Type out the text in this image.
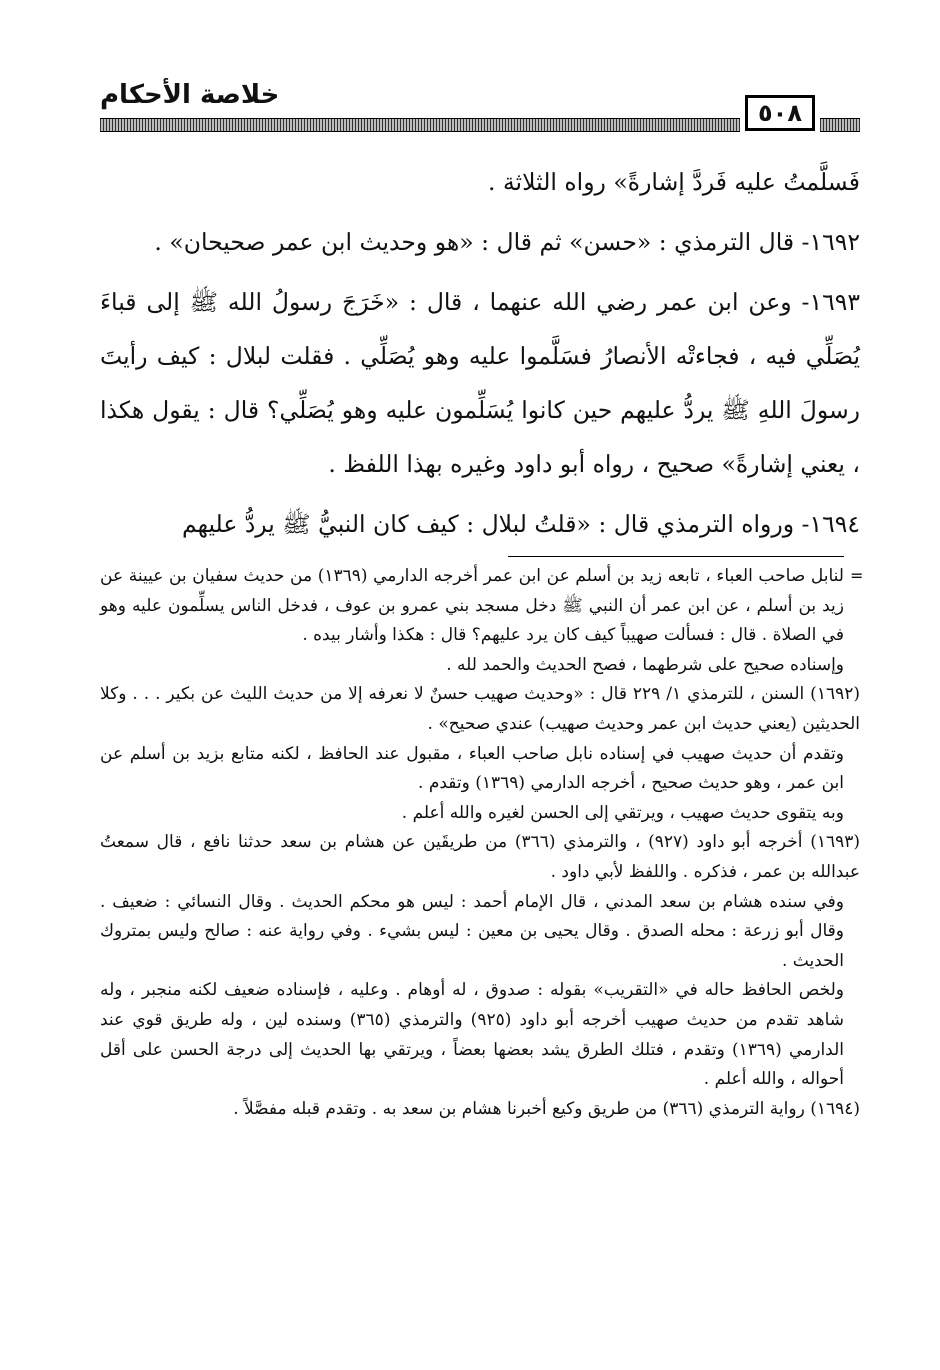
٥٠٨
خلاصة الأحكام

فَسلَّمتُ عليه فَردَّ إشارةً» رواه الثلاثة .

١٦٩٢- قال الترمذي : «حسن» ثم قال : «هو وحديث ابن عمر صحيحان» .

١٦٩٣- وعن ابن عمر رضي الله عنهما ، قال : «خَرَجَ رسولُ الله ﷺ إلى قباءَ يُصَلِّي فيه ، فجاءتْه الأنصارُ فسَلَّموا عليه وهو يُصَلِّي . فقلت لبلال : كيف رأيتَ رسولَ اللهِ ﷺ يردُّ عليهم حين كانوا يُسَلِّمون عليه وهو يُصَلِّي؟ قال : يقول هكذا ، يعني إشارةً» صحيح ، رواه أبو داود وغيره بهذا اللفظ .

١٦٩٤- ورواه الترمذي قال : «قلتُ لبلال : كيف كان النبيُّ ﷺ يردُّ عليهم

=

لنابل صاحب العباء ، تابعه زيد بن أسلم عن ابن عمر أخرجه الدارمي (١٣٦٩) من حديث سفيان بن عيينة عن زيد بن أسلم ، عن ابن عمر أن النبي ﷺ دخل مسجد بني عمرو بن عوف ، فدخل الناس يسلِّمون عليه وهو في الصلاة . قال : فسألت صهيباً كيف كان يرد عليهم؟ قال : هكذا وأشار بيده .

وإسناده صحيح على شرطهما ، فصح الحديث والحمد لله .

(١٦٩٢) السنن ، للترمذي ١/ ٢٢٩ قال : «وحديث صهيب حسنٌ لا نعرفه إلا من حديث الليث عن بكير . . . وكلا الحديثين (يعني حديث ابن عمر وحديث صهيب) عندي صحيح» .

وتقدم أن حديث صهيب في إسناده نابل صاحب العباء ، مقبول عند الحافظ ، لكنه متابع بزيد بن أسلم عن ابن عمر ، وهو حديث صحيح ، أخرجه الدارمي (١٣٦٩) وتقدم .

وبه يتقوى حديث صهيب ، ويرتقي إلى الحسن لغيره والله أعلم .

(١٦٩٣) أخرجه أبو داود (٩٢٧) ، والترمذي (٣٦٦) من طريقَين عن هشام بن سعد حدثنا نافع ، قال سمعتُ عبدالله بن عمر ، فذكره . واللفظ لأبي داود .

وفي سنده هشام بن سعد المدني ، قال الإمام أحمد : ليس هو محكم الحديث . وقال النسائي : ضعيف . وقال أبو زرعة : محله الصدق . وقال يحيى بن معين : ليس بشيء . وفي رواية عنه : صالح وليس بمتروك الحديث .

ولخص الحافظ حاله في «التقريب» بقوله : صدوق ، له أوهام . وعليه ، فإسناده ضعيف لكنه منجبر ، وله شاهد تقدم من حديث صهيب أخرجه أبو داود (٩٢٥) والترمذي (٣٦٥) وسنده لين ، وله طريق قوي عند الدارمي (١٣٦٩) وتقدم ، فتلك الطرق يشد بعضها بعضاً ، ويرتقي بها الحديث إلى درجة الحسن على أقل أحواله ، والله أعلم .

(١٦٩٤) رواية الترمذي (٣٦٦) من طريق وكيع أخبرنا هشام بن سعد به . وتقدم قبله مفصَّلاً .
